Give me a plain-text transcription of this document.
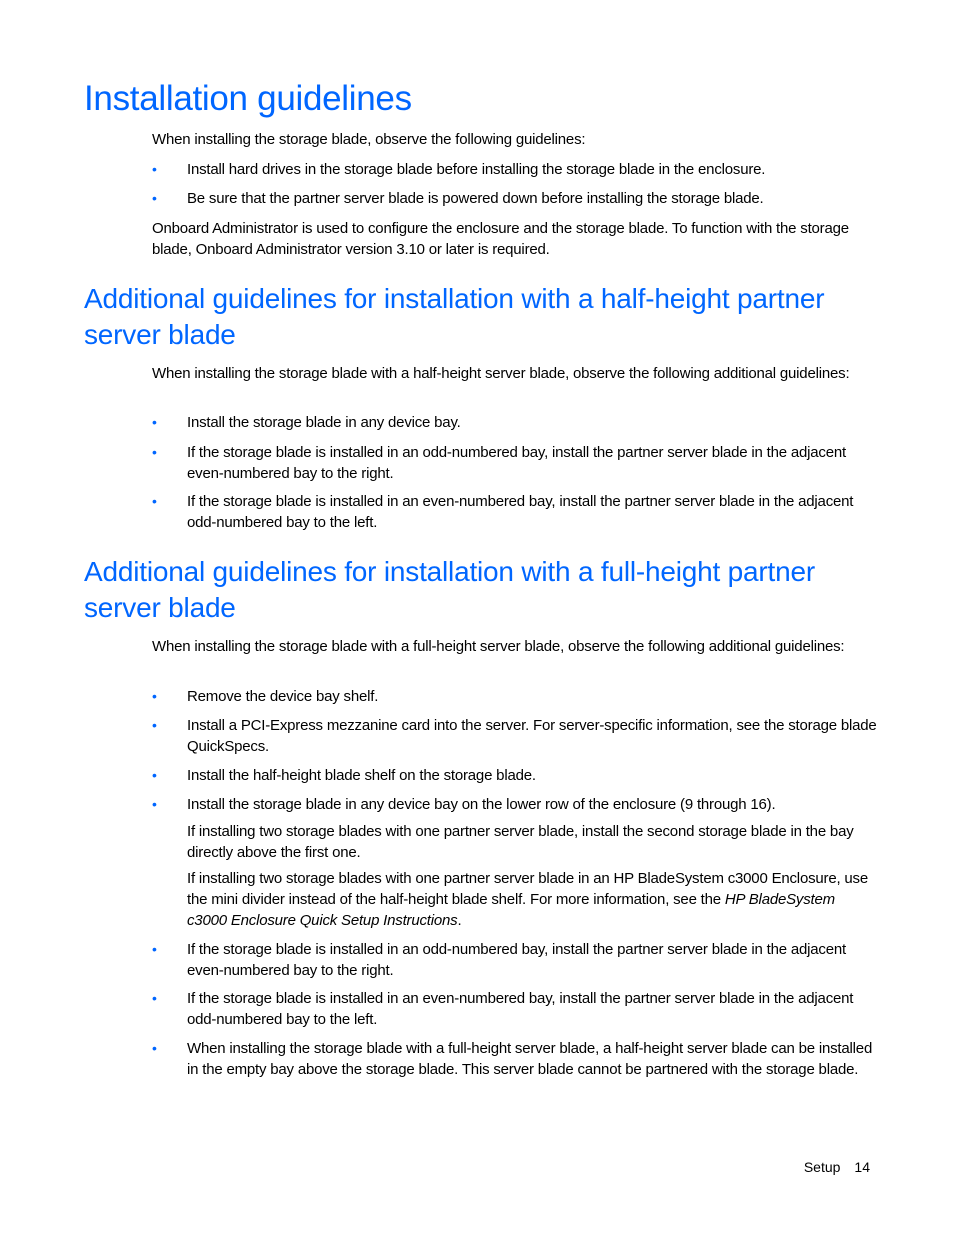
Installation guidelines

When installing the storage blade, observe the following guidelines:

•	Install hard drives in the storage blade before installing the storage blade in the enclosure.
•	Be sure that the partner server blade is powered down before installing the storage blade.

Onboard Administrator is used to configure the enclosure and the storage blade. To function with the storage blade, Onboard Administrator version 3.10 or later is required.

Additional guidelines for installation with a half-height partner server blade

When installing the storage blade with a half-height server blade, observe the following additional guidelines:

•	Install the storage blade in any device bay.
•	If the storage blade is installed in an odd-numbered bay, install the partner server blade in the adjacent even-numbered bay to the right.
•	If the storage blade is installed in an even-numbered bay, install the partner server blade in the adjacent odd-numbered bay to the left.
Additional guidelines for installation with a full-height partner server blade

When installing the storage blade with a full-height server blade, observe the following additional guidelines:

•	Remove the device bay shelf.
•	Install a PCI-Express mezzanine card into the server. For server-specific information, see the storage blade QuickSpecs.
•	Install the half-height blade shelf on the storage blade.
•	Install the storage blade in any device bay on the lower row of the enclosure (9 through 16).

If installing two storage blades with one partner server blade, install the second storage blade in the bay directly above the first one.

If installing two storage blades with one partner server blade in an HP BladeSystem c3000 Enclosure, use the mini divider instead of the half-height blade shelf. For more information, see the HP BladeSystem c3000 Enclosure Quick Setup Instructions.

•	If the storage blade is installed in an odd-numbered bay, install the partner server blade in the adjacent even-numbered bay to the right.
•	If the storage blade is installed in an even-numbered bay, install the partner server blade in the adjacent odd-numbered bay to the left.
•	When installing the storage blade with a full-height server blade, a half-height server blade can be installed in the empty bay above the storage blade. This server blade cannot be partnered with the storage blade.
Setup 14
